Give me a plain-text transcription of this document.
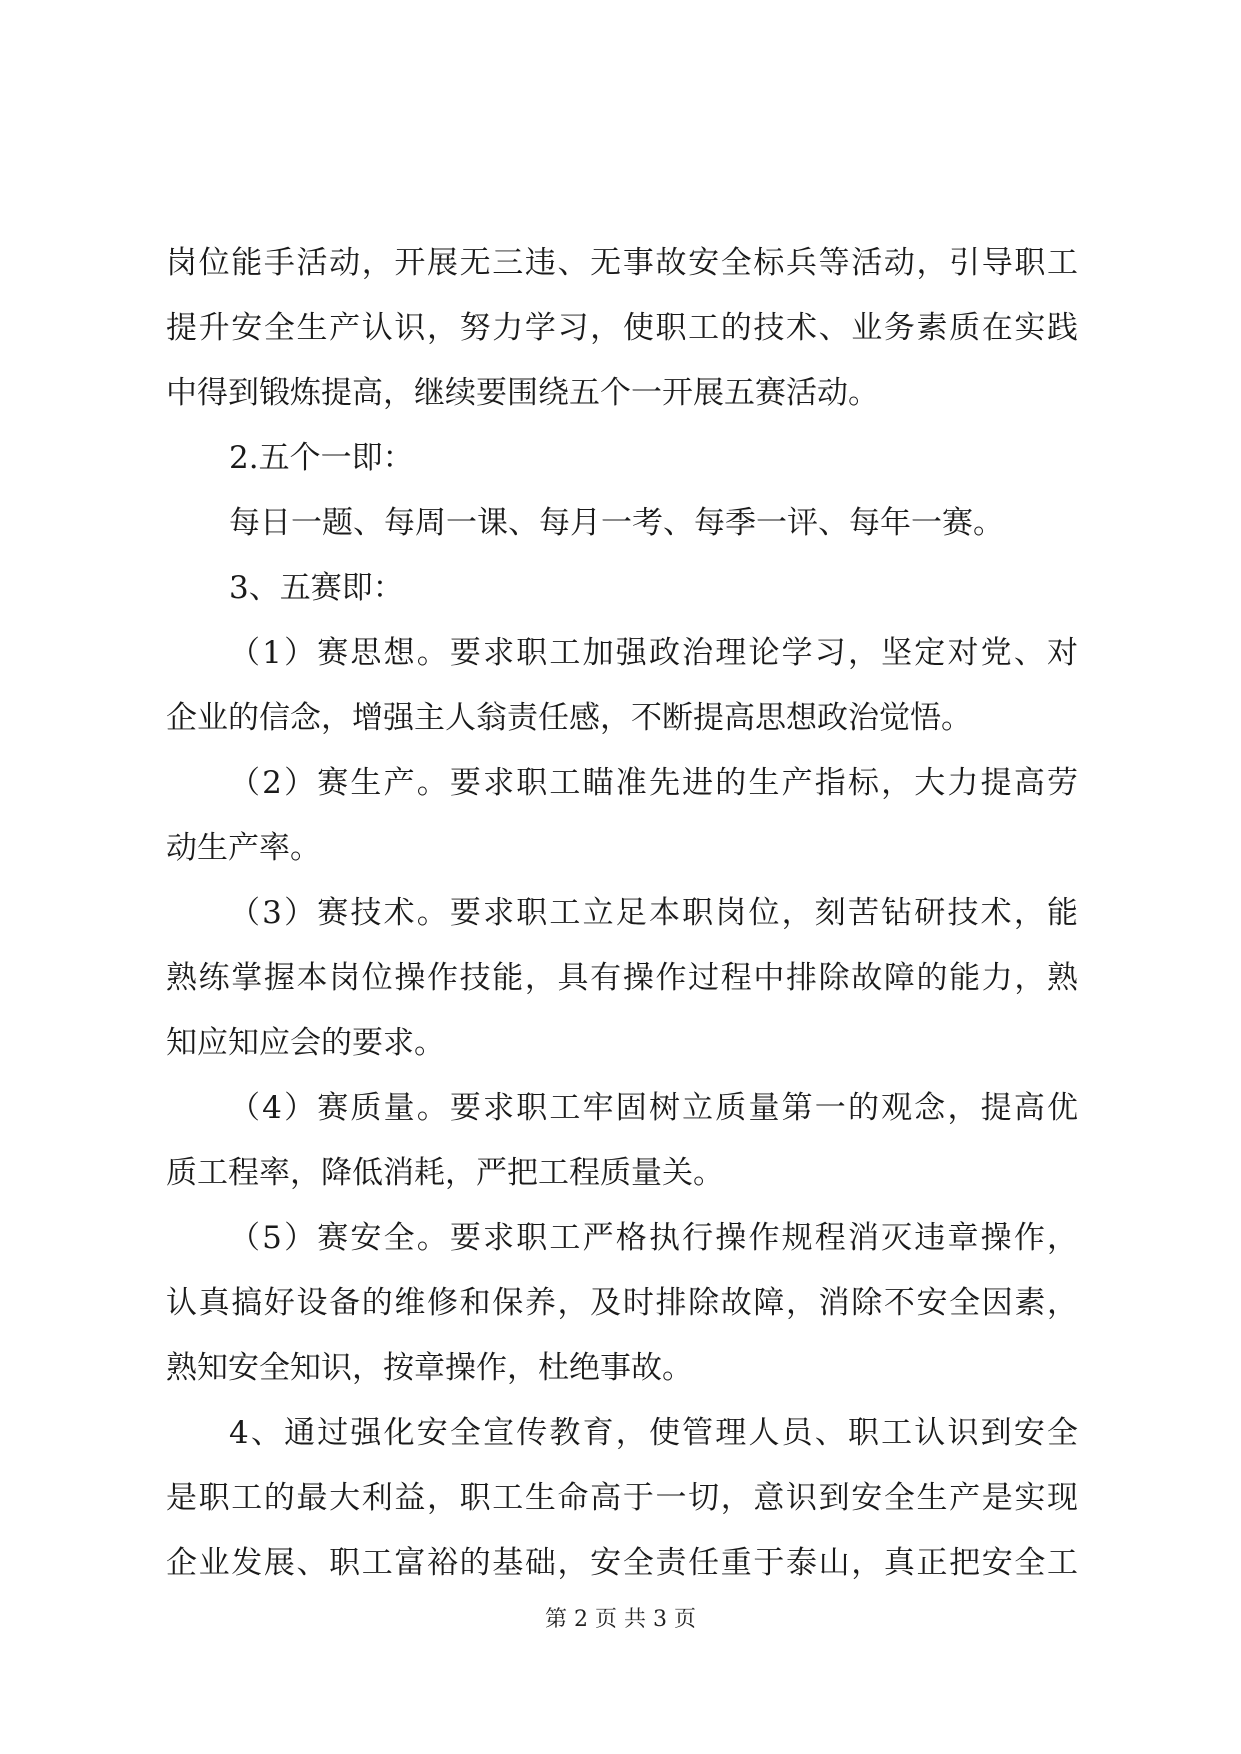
岗位能手活动，开展无三违、无事故安全标兵等活动，引导职工
提升安全生产认识，努力学习，使职工的技术、业务素质在实践
中得到锻炼提高，继续要围绕五个一开展五赛活动。
2.五个一即：
每日一题、每周一课、每月一考、每季一评、每年一赛。
3、五赛即：
（1）赛思想。要求职工加强政治理论学习，坚定对党、对
企业的信念，增强主人翁责任感，不断提高思想政治觉悟。
（2）赛生产。要求职工瞄准先进的生产指标，大力提高劳
动生产率。
（3）赛技术。要求职工立足本职岗位，刻苦钻研技术，能
熟练掌握本岗位操作技能，具有操作过程中排除故障的能力，熟
知应知应会的要求。
（4）赛质量。要求职工牢固树立质量第一的观念，提高优
质工程率，降低消耗，严把工程质量关。
（5）赛安全。要求职工严格执行操作规程消灭违章操作，
认真搞好设备的维修和保养，及时排除故障，消除不安全因素，
熟知安全知识，按章操作，杜绝事故。
4、通过强化安全宣传教育，使管理人员、职工认识到安全
是职工的最大利益，职工生命高于一切，意识到安全生产是实现
企业发展、职工富裕的基础，安全责任重于泰山，真正把安全工
第 2 页 共 3 页
